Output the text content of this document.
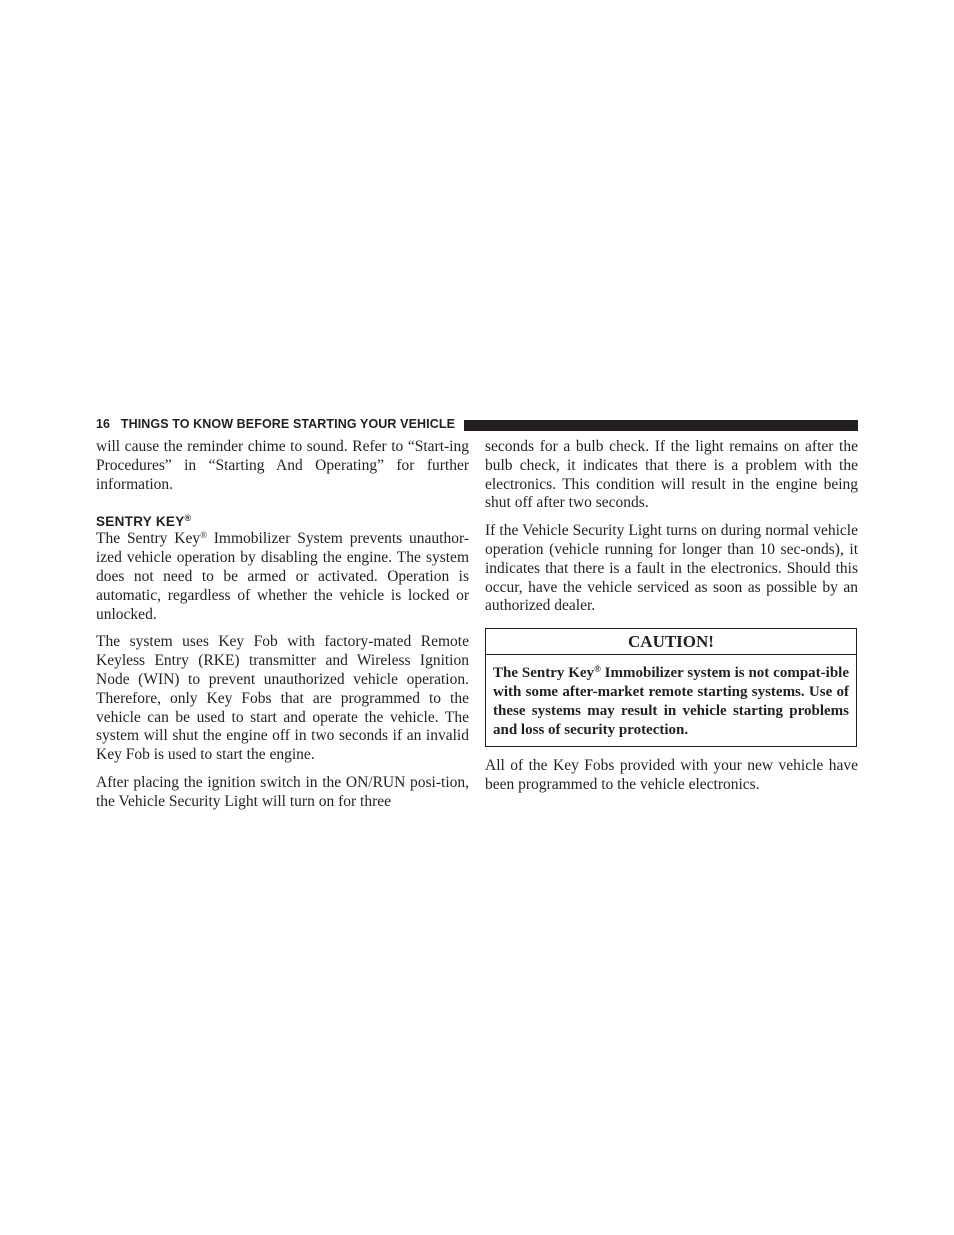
16 THINGS TO KNOW BEFORE STARTING YOUR VEHICLE

will cause the reminder chime to sound. Refer to “Start-ing Procedures” in “Starting And Operating” for further information.

SENTRY KEY®

The Sentry Key® Immobilizer System prevents unauthor-ized vehicle operation by disabling the engine. The system does not need to be armed or activated. Operation is automatic, regardless of whether the vehicle is locked or unlocked.

The system uses Key Fob with factory-mated Remote Keyless Entry (RKE) transmitter and Wireless Ignition Node (WIN) to prevent unauthorized vehicle operation. Therefore, only Key Fobs that are programmed to the vehicle can be used to start and operate the vehicle. The system will shut the engine off in two seconds if an invalid Key Fob is used to start the engine.

After placing the ignition switch in the ON/RUN posi-tion, the Vehicle Security Light will turn on for three

seconds for a bulb check. If the light remains on after the bulb check, it indicates that there is a problem with the electronics. This condition will result in the engine being shut off after two seconds.

If the Vehicle Security Light turns on during normal vehicle operation (vehicle running for longer than 10 sec-onds), it indicates that there is a fault in the electronics. Should this occur, have the vehicle serviced as soon as possible by an authorized dealer.

CAUTION!

The Sentry Key® Immobilizer system is not compat-ible with some after-market remote starting systems. Use of these systems may result in vehicle starting problems and loss of security protection.

All of the Key Fobs provided with your new vehicle have been programmed to the vehicle electronics.
